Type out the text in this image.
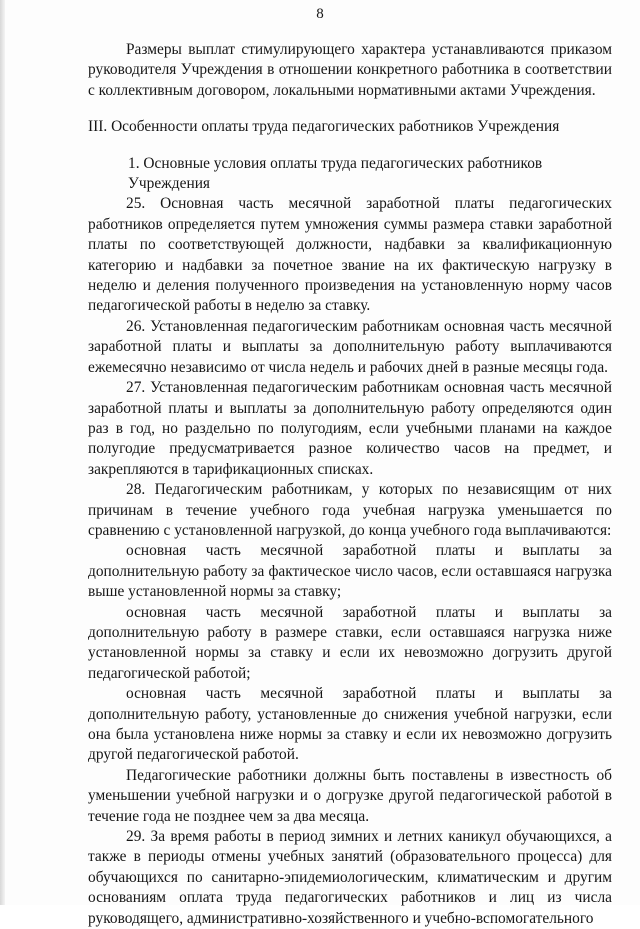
8

Размеры выплат стимулирующего характера устанавливаются приказом руководителя Учреждения в отношении конкретного работника в соответствии с коллективным договором, локальными нормативными актами Учреждения.

III. Особенности оплаты труда педагогических работников Учреждения

1. Основные условия оплаты труда педагогических работников
Учреждения

25. Основная часть месячной заработной платы педагогических работников определяется путем умножения суммы размера ставки заработной платы по соответствующей должности, надбавки за квалификационную категорию и надбавки за почетное звание на их фактическую нагрузку в неделю и деления полученного произведения на установленную норму часов педагогической работы в неделю за ставку.

26. Установленная педагогическим работникам основная часть месячной заработной платы и выплаты за дополнительную работу выплачиваются ежемесячно независимо от числа недель и рабочих дней в разные месяцы года.

27. Установленная педагогическим работникам основная часть месячной заработной платы и выплаты за дополнительную работу определяются один раз в год, но раздельно по полугодиям, если учебными планами на каждое полугодие предусматривается разное количество часов на предмет, и закрепляются в тарификационных списках.

28. Педагогическим работникам, у которых по независящим от них причинам в течение учебного года учебная нагрузка уменьшается по сравнению с установленной нагрузкой, до конца учебного года выплачиваются:

основная часть месячной заработной платы и выплаты за дополнительную работу за фактическое число часов, если оставшаяся нагрузка выше установленной нормы за ставку;

основная часть месячной заработной платы и выплаты за дополнительную работу в размере ставки, если оставшаяся нагрузка ниже установленной нормы за ставку и если их невозможно догрузить другой педагогической работой;

основная часть месячной заработной платы и выплаты за дополнительную работу, установленные до снижения учебной нагрузки, если она была установлена ниже нормы за ставку и если их невозможно догрузить другой педагогической работой.

Педагогические работники должны быть поставлены в известность об уменьшении учебной нагрузки и о догрузке другой педагогической работой в течение года не позднее чем за два месяца.

29. За время работы в период зимних и летних каникул обучающихся, а также в периоды отмены учебных занятий (образовательного процесса) для обучающихся по санитарно-эпидемиологическим, климатическим и другим основаниям оплата труда педагогических работников и лиц из числа руководящего, административно-хозяйственного и учебно-вспомогательного
